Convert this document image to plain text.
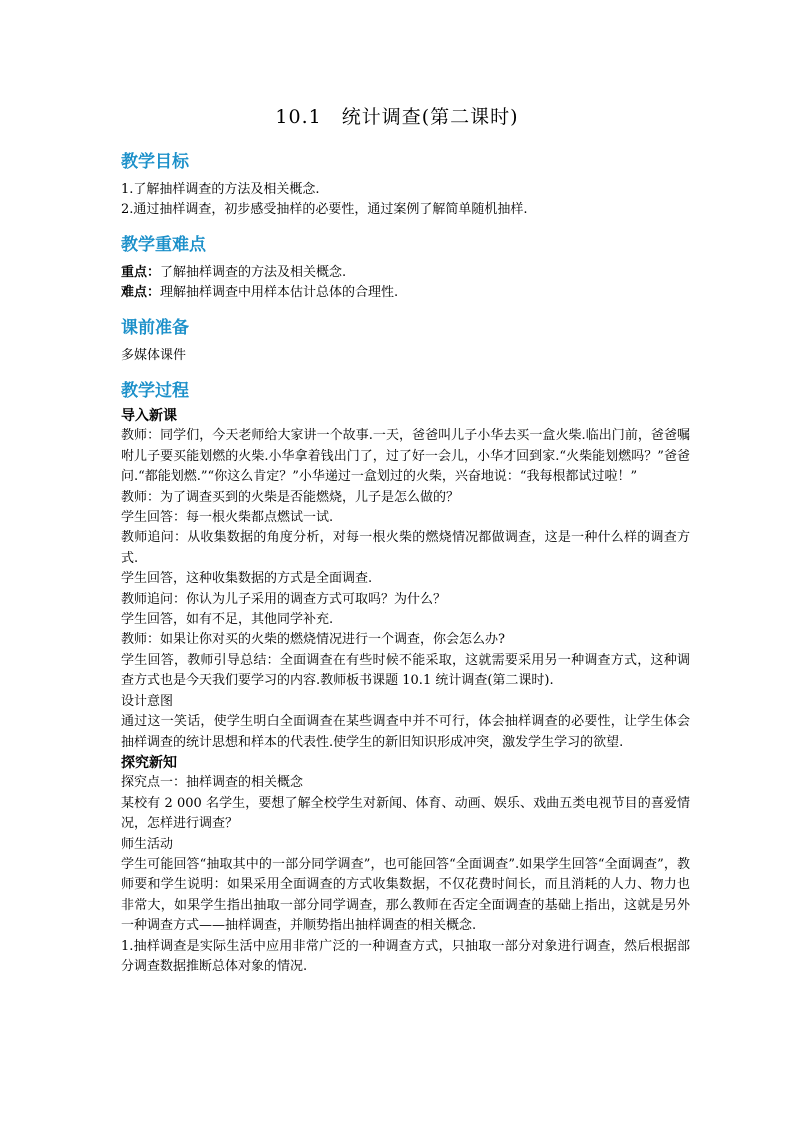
10.1　统计调查(第二课时)
教学目标

1.了解抽样调查的方法及相关概念.

2.通过抽样调查，初步感受抽样的必要性，通过案例了解简单随机抽样.

教学重难点

重点：了解抽样调查的方法及相关概念.

难点：理解抽样调查中用样本估计总体的合理性.

课前准备

多媒体课件

教学过程

导入新课

教师：同学们，今天老师给大家讲一个故事.一天，爸爸叫儿子小华去买一盒火柴.临出门前，爸爸嘱咐儿子要买能划燃的火柴.小华拿着钱出门了，过了好一会儿，小华才回到家.“火柴能划燃吗？”爸爸问.“都能划燃.”“你这么肯定？”小华递过一盒划过的火柴，兴奋地说：“我每根都试过啦！”

教师：为了调查买到的火柴是否能燃烧，儿子是怎么做的？

学生回答：每一根火柴都点燃试一试.

教师追问：从收集数据的角度分析，对每一根火柴的燃烧情况都做调查，这是一种什么样的调查方式.

学生回答，这种收集数据的方式是全面调查.

教师追问：你认为儿子采用的调查方式可取吗？为什么？

学生回答，如有不足，其他同学补充.

教师：如果让你对买的火柴的燃烧情况进行一个调查，你会怎么办?

学生回答，教师引导总结：全面调查在有些时候不能采取，这就需要采用另一种调查方式，这种调查方式也是今天我们要学习的内容.教师板书课题 10.1 统计调查(第二课时).

设计意图

通过这一笑话，使学生明白全面调查在某些调查中并不可行，体会抽样调查的必要性，让学生体会抽样调查的统计思想和样本的代表性.使学生的新旧知识形成冲突，激发学生学习的欲望.

探究新知

探究点一：抽样调查的相关概念

某校有 2 000 名学生，要想了解全校学生对新闻、体育、动画、娱乐、戏曲五类电视节目的喜爱情况，怎样进行调查？

师生活动

学生可能回答“抽取其中的一部分同学调查”，也可能回答“全面调查”.如果学生回答“全面调查”，教师要和学生说明：如果采用全面调查的方式收集数据，不仅花费时间长，而且消耗的人力、物力也非常大，如果学生指出抽取一部分同学调查，那么教师在否定全面调查的基础上指出，这就是另外一种调查方式——抽样调查，并顺势指出抽样调查的相关概念.

1.抽样调查是实际生活中应用非常广泛的一种调查方式，只抽取一部分对象进行调查，然后根据部分调查数据推断总体对象的情况.
